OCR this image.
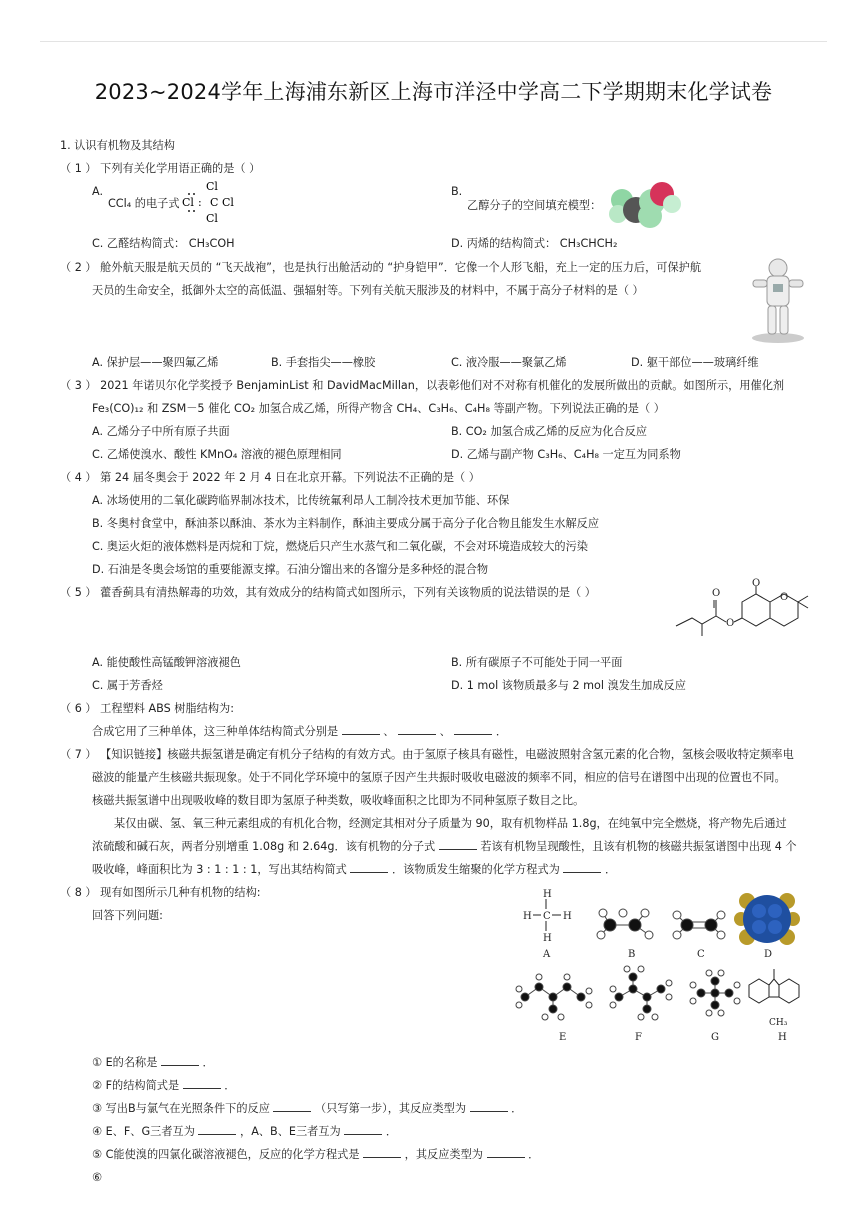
2023~2024学年上海浦东新区上海市洋泾中学高二下学期期末化学试卷
1. 认识有机物及其结构
（ 1 ） 下列有关化学用语正确的是（ ）
A.
CCl₄ 的电子式
Cl
Cl C Cl
Cl
:
B.
乙醇分子的空间填充模型：
C. 乙醛结构简式： CH₃COH	D. 丙烯的结构简式： CH₃CHCH₂
（ 2 ） 舱外航天服是航天员的 “飞天战袍”，也是执行出舱活动的 “护身铠甲”．它像一个人形飞船，充上一定的压力后，可保护航
天员的生命安全，抵御外太空的高低温、强辐射等。下列有关航天服涉及的材料中，不属于高分子材料的是（ ）
A. 保护层——聚四氟乙烯	B. 手套指尖——橡胶	C. 液冷服——聚氯乙烯	D. 躯干部位——玻璃纤维
（ 3 ） 2021 年诺贝尔化学奖授予 BenjaminList 和 DavidMacMillan，以表彰他们对不对称有机催化的发展所做出的贡献。如图所示，用催化剂
Fe₃(CO)₁₂ 和 ZSM－5 催化 CO₂ 加氢合成乙烯，所得产物含 CH₄、C₃H₆、C₄H₈ 等副产物。下列说法正确的是（ ）
A. 乙烯分子中所有原子共面	B. CO₂ 加氢合成乙烯的反应为化合反应
C. 乙烯使溴水、酸性 KMnO₄ 溶液的褪色原理相同	D. 乙烯与副产物 C₃H₆、C₄H₈ 一定互为同系物
（ 4 ） 第 24 届冬奥会于 2022 年 2 月 4 日在北京开幕。下列说法不正确的是（ ）
A. 冰场使用的二氧化碳跨临界制冰技术，比传统氟利昂人工制冷技术更加节能、环保
B. 冬奥村食堂中，酥油茶以酥油、茶水为主料制作，酥油主要成分属于高分子化合物且能发生水解反应
C. 奥运火炬的液体燃料是丙烷和丁烷，燃烧后只产生水蒸气和二氧化碳，不会对环境造成较大的污染
D. 石油是冬奥会场馆的重要能源支撑。石油分馏出来的各馏分是多种烃的混合物
（ 5 ） 藿香蓟具有清热解毒的功效，其有效成分的结构简式如图所示，下列有关该物质的说法错误的是（ ）	O
O
O
O
A. 能使酸性高锰酸钾溶液褪色	B. 所有碳原子不可能处于同一平面
C. 属于芳香烃	D. 1 mol 该物质最多与 2 mol 溴发生加成反应
（ 6 ） 工程塑料 ABS 树脂结构为:
合成它用了三种单体，这三种单体结构简式分别是	、	、	．
（ 7 ） 【知识链接】核磁共振氢谱是确定有机分子结构的有效方式。由于氢原子核具有磁性，电磁波照射含氢元素的化合物，氢核会吸收特定频率电
磁波的能量产生核磁共振现象。处于不同化学环境中的氢原子因产生共振时吸收电磁波的频率不同，相应的信号在谱图中出现的位置也不同。
核磁共振氢谱中出现吸收峰的数目即为氢原子种类数，吸收峰面积之比即为不同种氢原子数目之比。
某仅由碳、氢、氧三种元素组成的有机化合物，经测定其相对分子质量为 90，取有机物样品 1.8g，在纯氧中完全燃烧，将产物先后通过
浓硫酸和碱石灰，两者分别增重 1.08g 和 2.64g．该有机物的分子式	若该有机物呈现酸性，且该有机物的核磁共振氢谱图中出现 4 个
吸收峰，峰面积比为 3 : 1 : 1 : 1，写出其结构简式	．该物质发生缩聚的化学方程式为	．
（ 8 ） 现有如图所示几种有机物的结构:
回答下列问题:
H
H C H
H
A	B	C	D
E	F	G
CH₃
H
① E的名称是	．
② F的结构简式是	．
③ 写出B与氯气在光照条件下的反应	（只写第一步），其反应类型为	．
④ E、F、G三者互为	，A、B、E三者互为	．
⑤ C能使溴的四氯化碳溶液褪色，反应的化学方程式是	，其反应类型为	．
⑥
